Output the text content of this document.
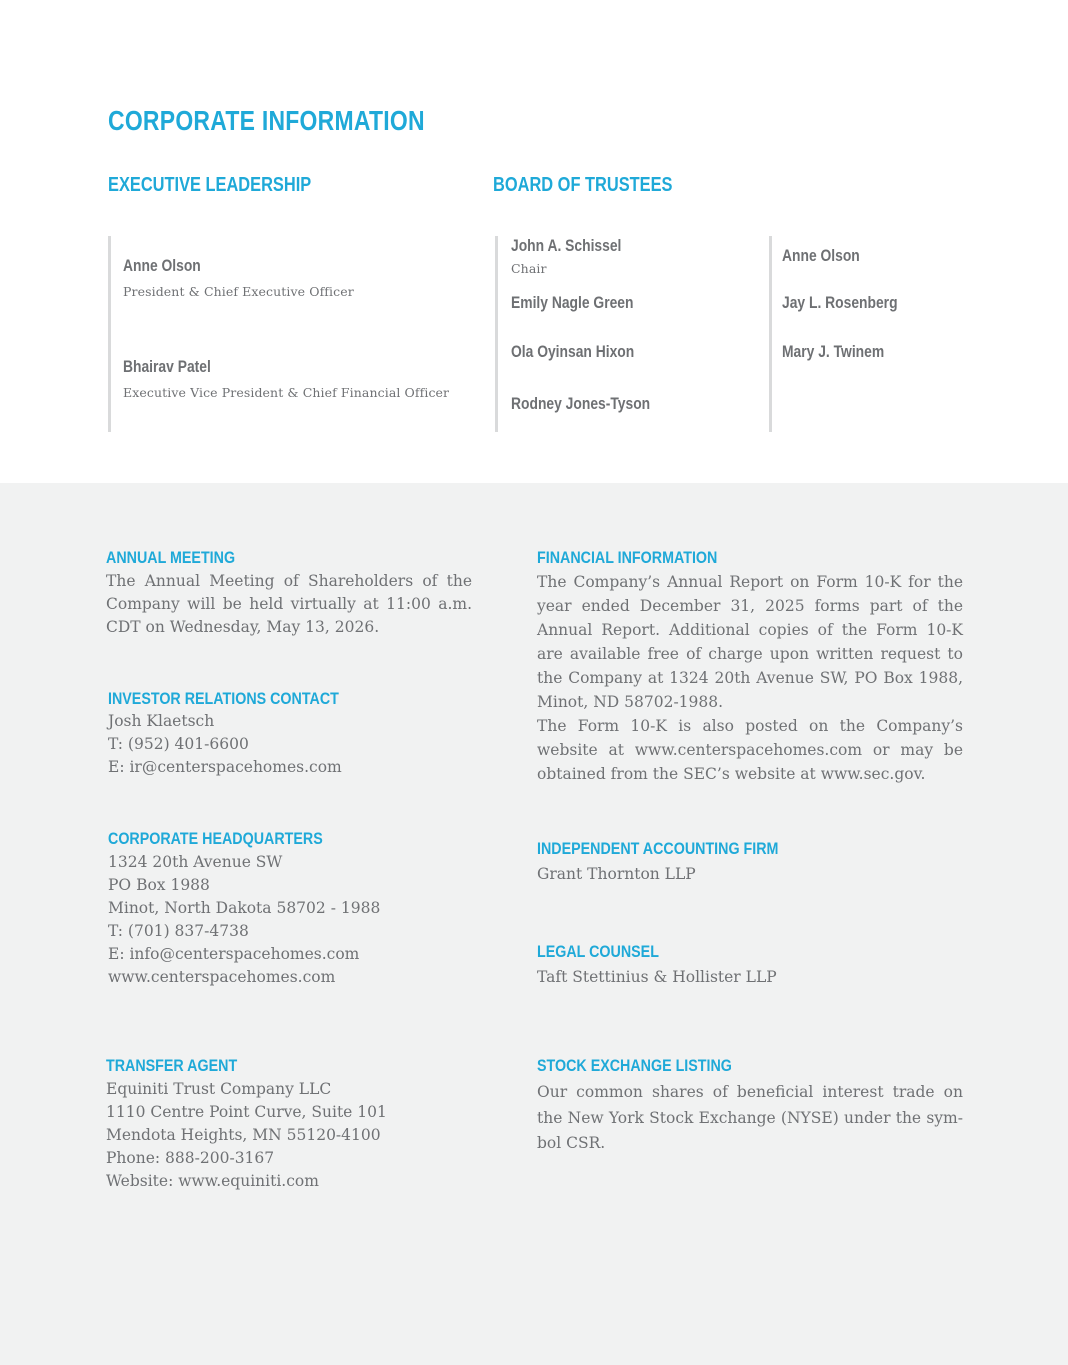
CORPORATE INFORMATION
EXECUTIVE LEADERSHIP	BOARD OF TRUSTEES
Anne Olson
President & Chief Executive Officer
Bhairav Patel
Executive Vice President & Chief Financial Officer
John A. Schissel
Chair
Emily Nagle Green
Ola Oyinsan Hixon
Rodney Jones-Tyson
Anne Olson
Jay L. Rosenberg
Mary J. Twinem
ANNUAL MEETING
The Annual Meeting of Shareholders of the Company will be held virtually at 11:00 a.m. CDT on Wednesday, May 13, 2026.
INVESTOR RELATIONS CONTACT
Josh Klaetsch
T: (952) 401-6600
E: ir@centerspacehomes.com
CORPORATE HEADQUARTERS
1324 20th Avenue SW
PO Box 1988
Minot, North Dakota 58702 - 1988
T: (701) 837-4738
E: info@centerspacehomes.com
www.centerspacehomes.com
TRANSFER AGENT
Equiniti Trust Company LLC
1110 Centre Point Curve, Suite 101
Mendota Heights, MN 55120-4100
Phone: 888-200-3167
Website: www.equiniti.com
FINANCIAL INFORMATION
The Company’s Annual Report on Form 10-K for the year ended December 31, 2025 forms part of the Annual Report. Additional copies of the Form 10-K are available free of charge upon written request to the Company at 1324 20th Avenue SW, PO Box 1988, Minot, ND 58702-1988.
The Form 10-K is also posted on the Company’s website at www.centerspacehomes.com or may be obtained from the SEC’s website at www.sec.gov.
INDEPENDENT ACCOUNTING FIRM
Grant Thornton LLP
LEGAL COUNSEL
Taft Stettinius & Hollister LLP
STOCK EXCHANGE LISTING
Our common shares of beneficial interest trade on the New York Stock Exchange (NYSE) under the sym-bol CSR.
